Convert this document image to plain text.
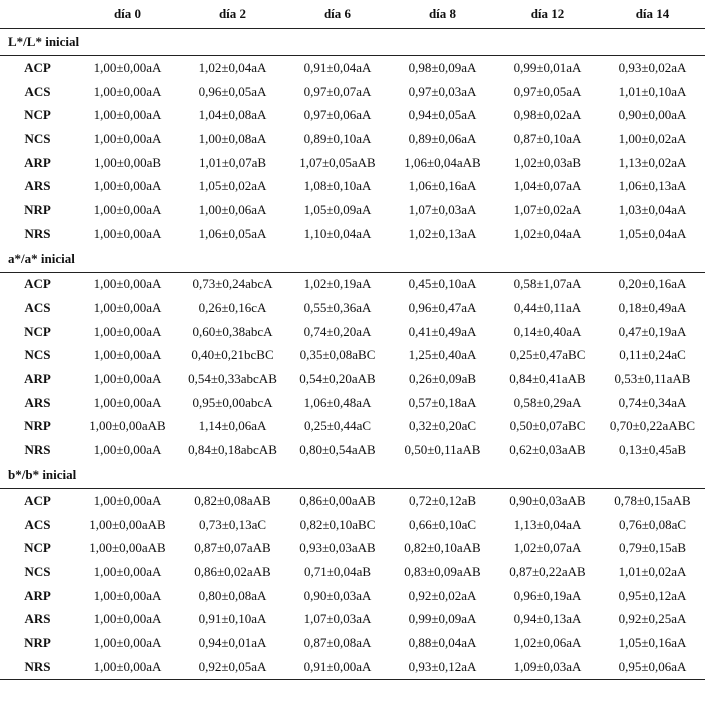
	día 0	día 2	día 6	día 8	día 12	día 14
L*/L* inicial						
ACP	1,00±0,00aA	1,02±0,04aA	0,91±0,04aA	0,98±0,09aA	0,99±0,01aA	0,93±0,02aA
ACS	1,00±0,00aA	0,96±0,05aA	0,97±0,07aA	0,97±0,03aA	0,97±0,05aA	1,01±0,10aA
NCP	1,00±0,00aA	1,04±0,08aA	0,97±0,06aA	0,94±0,05aA	0,98±0,02aA	0,90±0,00aA
NCS	1,00±0,00aA	1,00±0,08aA	0,89±0,10aA	0,89±0,06aA	0,87±0,10aA	1,00±0,02aA
ARP	1,00±0,00aB	1,01±0,07aB	1,07±0,05aAB	1,06±0,04aAB	1,02±0,03aB	1,13±0,02aA
ARS	1,00±0,00aA	1,05±0,02aA	1,08±0,10aA	1,06±0,16aA	1,04±0,07aA	1,06±0,13aA
NRP	1,00±0,00aA	1,00±0,06aA	1,05±0,09aA	1,07±0,03aA	1,07±0,02aA	1,03±0,04aA
NRS	1,00±0,00aA	1,06±0,05aA	1,10±0,04aA	1,02±0,13aA	1,02±0,04aA	1,05±0,04aA
a*/a* inicial						
ACP	1,00±0,00aA	0,73±0,24abcA	1,02±0,19aA	0,45±0,10aA	0,58±1,07aA	0,20±0,16aA
ACS	1,00±0,00aA	0,26±0,16cA	0,55±0,36aA	0,96±0,47aA	0,44±0,11aA	0,18±0,49aA
NCP	1,00±0,00aA	0,60±0,38abcA	0,74±0,20aA	0,41±0,49aA	0,14±0,40aA	0,47±0,19aA
NCS	1,00±0,00aA	0,40±0,21bcBC	0,35±0,08aBC	1,25±0,40aA	0,25±0,47aBC	0,11±0,24aC
ARP	1,00±0,00aA	0,54±0,33abcAB	0,54±0,20aAB	0,26±0,09aB	0,84±0,41aAB	0,53±0,11aAB
ARS	1,00±0,00aA	0,95±0,00abcA	1,06±0,48aA	0,57±0,18aA	0,58±0,29aA	0,74±0,34aA
NRP	1,00±0,00aAB	1,14±0,06aA	0,25±0,44aC	0,32±0,20aC	0,50±0,07aBC	0,70±0,22aABC
NRS	1,00±0,00aA	0,84±0,18abcAB	0,80±0,54aAB	0,50±0,11aAB	0,62±0,03aAB	0,13±0,45aB
b*/b* inicial						
ACP	1,00±0,00aA	0,82±0,08aAB	0,86±0,00aAB	0,72±0,12aB	0,90±0,03aAB	0,78±0,15aAB
ACS	1,00±0,00aAB	0,73±0,13aC	0,82±0,10aBC	0,66±0,10aC	1,13±0,04aA	0,76±0,08aC
NCP	1,00±0,00aAB	0,87±0,07aAB	0,93±0,03aAB	0,82±0,10aAB	1,02±0,07aA	0,79±0,15aB
NCS	1,00±0,00aA	0,86±0,02aAB	0,71±0,04aB	0,83±0,09aAB	0,87±0,22aAB	1,01±0,02aA
ARP	1,00±0,00aA	0,80±0,08aA	0,90±0,03aA	0,92±0,02aA	0,96±0,19aA	0,95±0,12aA
ARS	1,00±0,00aA	0,91±0,10aA	1,07±0,03aA	0,99±0,09aA	0,94±0,13aA	0,92±0,25aA
NRP	1,00±0,00aA	0,94±0,01aA	0,87±0,08aA	0,88±0,04aA	1,02±0,06aA	1,05±0,16aA
NRS	1,00±0,00aA	0,92±0,05aA	0,91±0,00aA	0,93±0,12aA	1,09±0,03aA	0,95±0,06aA
